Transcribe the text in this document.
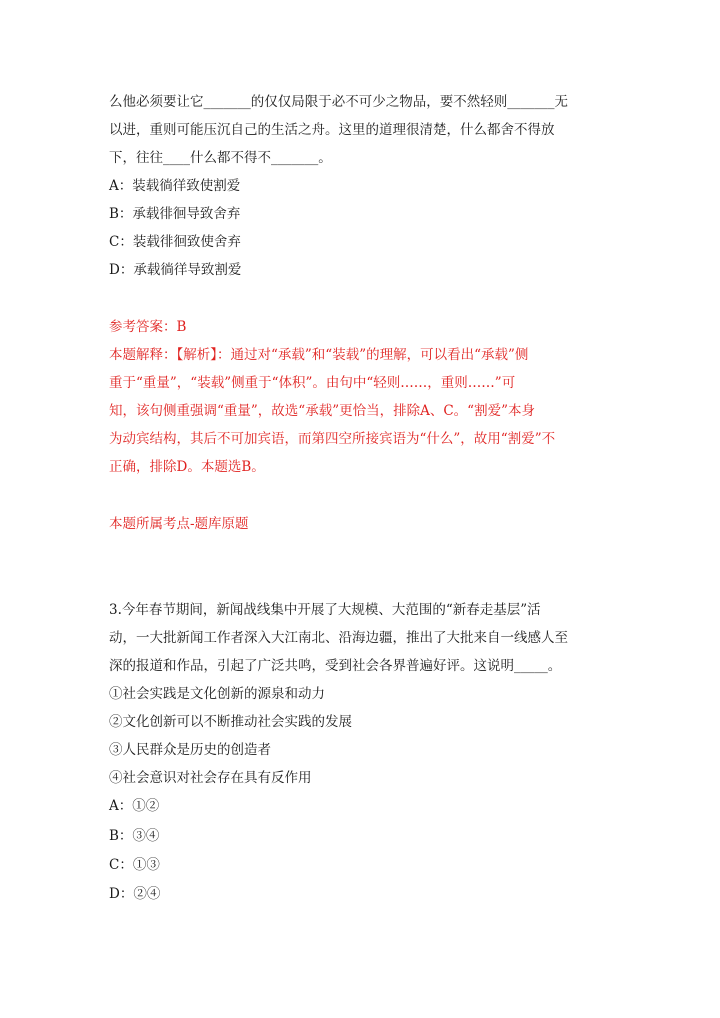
么他必须要让它_______的仅仅局限于必不可少之物品，要不然轻则_______无
以进，重则可能压沉自己的生活之舟。这里的道理很清楚，什么都舍不得放
下，往往____什么都不得不_______。
A：装载徜徉致使割爱
B：承载徘徊导致舍弃
C：装载徘徊致使舍弃
D：承载徜徉导致割爱
参考答案：B
本题解释：【解析】：通过对“承载”和“装载”的理解，可以看出“承载”侧
重于“重量”，“装载”侧重于“体积”。由句中“轻则……，重则……”可
知，该句侧重强调“重量”，故选“承载”更恰当，排除A、C。“割爱”本身
为动宾结构，其后不可加宾语，而第四空所接宾语为“什么”，故用“割爱”不
正确，排除D。本题选B。
本题所属考点-题库原题
3.今年春节期间，新闻战线集中开展了大规模、大范围的“新春走基层”活
动，一大批新闻工作者深入大江南北、沿海边疆，推出了大批来自一线感人至
深的报道和作品，引起了广泛共鸣，受到社会各界普遍好评。这说明_____。
①社会实践是文化创新的源泉和动力
②文化创新可以不断推动社会实践的发展
③人民群众是历史的创造者
④社会意识对社会存在具有反作用
A：①②
B：③④
C：①③
D：②④
